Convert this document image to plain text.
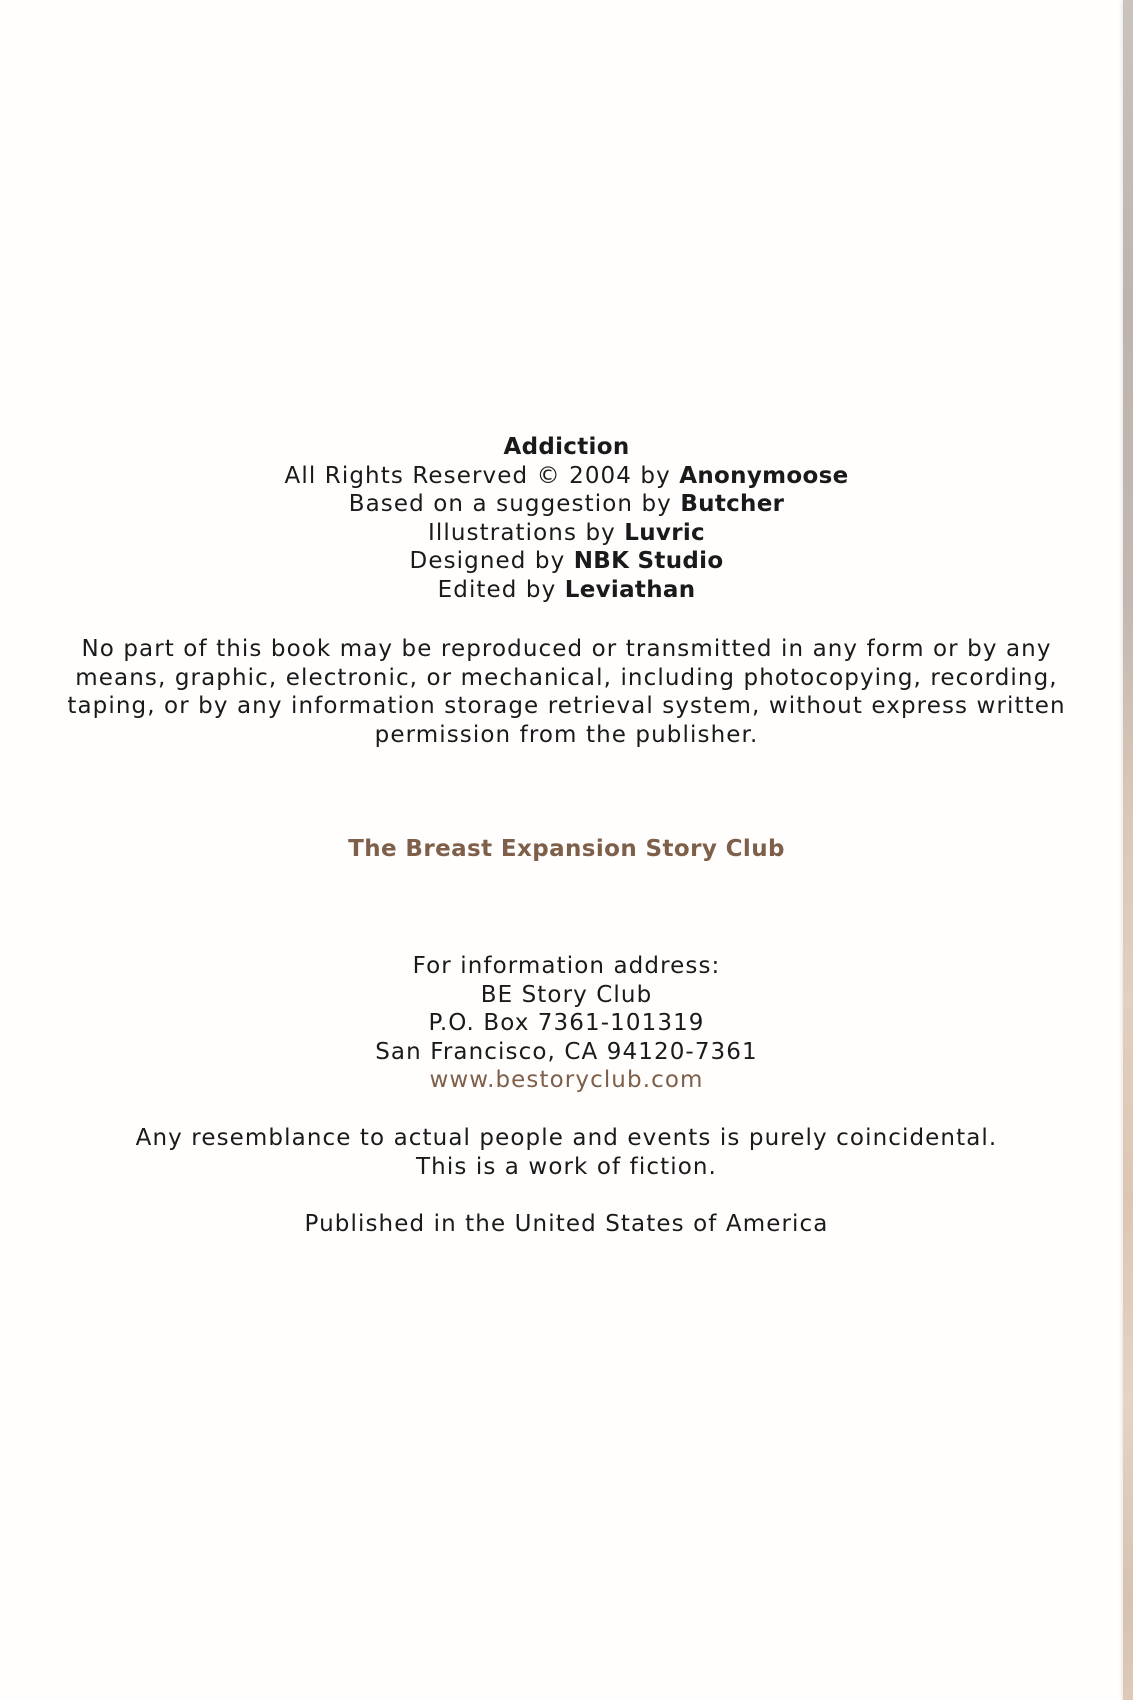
Addiction
All Rights Reserved © 2004 by Anonymoose
Based on a suggestion by Butcher
Illustrations by Luvric
Designed by NBK Studio
Edited by Leviathan
No part of this book may be reproduced or transmitted in any form or by any
means, graphic, electronic, or mechanical, including photocopying, recording,
taping, or by any information storage retrieval system, without express written
permission from the publisher.
The Breast Expansion Story Club
For information address:
BE Story Club
P.O. Box 7361-101319
San Francisco, CA 94120-7361
www.bestoryclub.com
Any resemblance to actual people and events is purely coincidental.
This is a work of fiction.
Published in the United States of America
